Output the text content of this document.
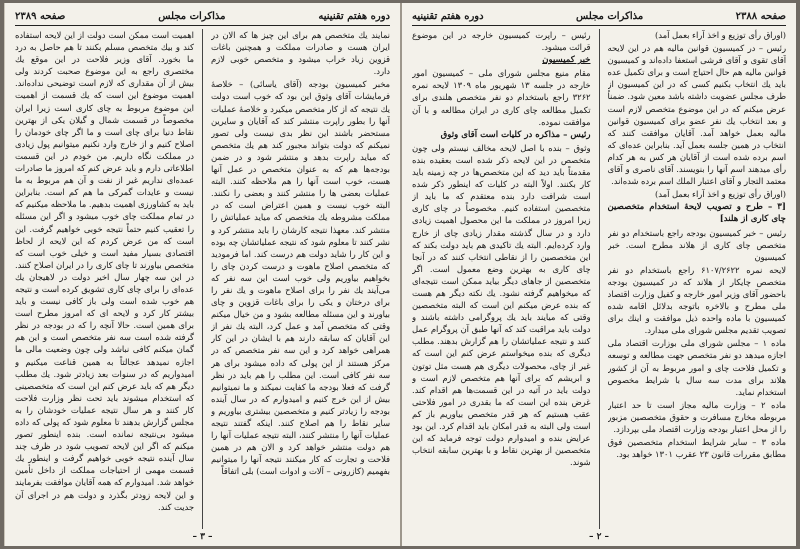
دوره هفتم تقنینیه
مذاکرات مجلس
صفحه ۲۳۸۹

نمایند یك متخصص هم برای این چیز ها که الان در ایران هست و صادرات مملکت و همچنین باغات قزوین زیاد خراب میشود و متخصص خوبی لازم دارد.

مخبر کمیسیون بودجه (آقای یاسائی) – خلاصهٔ فرمایشات آقای وثوق این بود که خوب است دولت یك نتیجه كه از کار متخصص میکیرد و خلاصهٔ عملیات آنها را بطور راپرت منتشر کند که آقایان و سایرین مستحضر باشند این نظر بدی نیست ولی تصور نمیکنم که دولت بتواند مجبور کند هم یك متخصص که میاید راپرت بدهد و منتشر شود و در ضمن بودجه‌ها هم که به عنوان متخصص در عمل آنها هست، خوب است آنها را هم ملاحظه کنند. البته عملیات بعضی ها را منتشر کنند و بعضی را نکنند. البته خوب نیست و همین اعتراض است که در مملکت مشروطه یك متخصص که میاید عملیاتش را منتشر کند. معهذا نتیجه کارشان را باید منتشر کرد و نشر کنند تا معلوم شود که نتیجه عملیاتشان چه بوده و این کار را شاید دولت هم درست کند. اما فرمودید که متخصص اصلاح ماهوت و درست کردن چای را بخواهیم بیاوریم ولی خوب است این سه نفر که می‌آیند یك نفر را برای اصلاح ماهوت و یك نفر را برای درختان و یکی را برای باغات قزوین و چای بیاورند و این مسئله مطالعه بشود و من خیال میکنم وقتی که متخصص آمد و عمل کرد، البته یك نفر از این آقایان که سابقه دارند هم با ایشان در این کار همراهی خواهد کرد و این سه نفر متخصص که در مرکز هستند از این پولی که داده میشود برای هر سه نفر کافی است. این مطلب را هم باید در نظر گرفت که فعلا بودجه ما کفایت نمیکند و ما نمیتوانیم بیش از این خرج کنیم و امیدوارم که در سال آینده بودجه را زیادتر کنیم و متخصصین بیشتری بیاوریم و سایر نقاط را هم اصلاح کنند. اینکه گفتند نتیجه عملیات آنها را منتشر کنند، البته نتیجه عملیات آنها را هم دولت منتشر خواهد کرد و الان هم در همین فلاحت و تجارت که کار میکنند نتیجه آنها را میتوانیم بفهمیم (کازرونی – آلات و ادوات است) بلی اتفاقاً

اهمیت است ممکن است دولت از این لایحه استفاده کند و بیك متخصص مسلم بکنند تا هم حاصل به درد ما بخورد. آقای وزیر فلاحت در این موقع یك مختصری راجع به این موضوع صحبت کردند ولی بیش از آن مقداری که لازم است توضیحی نداده‌اند. اهمیت موضوع این است که یك قسمت از اهمیت این موضوع مربوط به چای کاری است زیرا ایران مخصوصاً در قسمت شمال و گیلان یکی از بهترین نقاط دنیا برای چای است و ما اگر چای خودمان را اصلاح کنیم و از خارج وارد نکنیم میتوانیم پول زیادی در مملکت نگاه داریم. من خودم در این قسمت اطلاعاتی دارم و باید عرض کنم که امروز ما صادرات عمده‌ای نداریم غیر از نفت و آن هم مربوط به ما نیست و عایدات گمرکی ما هم کم است. بنابراین باید به کشاورزی اهمیت بدهیم. ما ملاحظه میکنیم که در تمام مملکت چای خوب میشود و اگر این مسئله را تعقیب کنیم حتماً نتیجه خوبی خواهیم گرفت. این است که من عرض کردم که این لایحه از لحاظ اقتصادی بسیار مفید است و خیلی خوب است که متخصص بیاورند تا چای کاری را در ایران اصلاح کنند. در این سه چهار سال اخیر دولت در لاهیجان یك عده‌ای را برای چای کاری تشویق کرده است و نتیجه هم خوب شده است ولی باز کافی نیست و باید بیشتر کار کرد و لایحه ای که امروز مطرح است برای همین است. حالا آنچه را که در بودجه در نظر گرفته شده است سه نفر متخصص است و این هم گمان میکنم کافی نباشد ولی چون وضعیت مالی ما اجازه نمیدهد عجالتاً به همین قناعت میکنیم و امیدواریم که در سنوات بعد زیادتر شود. یك مطلب دیگر هم که باید عرض کنم این است که متخصصینی که استخدام میشوند باید تحت نظر وزارت فلاحت کار کنند و هر سال نتیجه عملیات خودشان را به مجلس گزارش بدهند تا معلوم شود که پولی که داده میشود بی‌نتیجه نمانده است. بنده اینطور تصور میکنم که اگر این لایحه تصویب شود در ظرف چند سال آینده نتیجه خوبی خواهیم گرفت و اینطور یك قسمت مهمی از احتیاجات مملکت از داخل تأمین خواهد شد. امیدوارم که همه آقایان موافقت بفرمایند و این لایحه زودتر بگذرد و دولت هم در اجرای آن جدیت کند.

– ۳ –
صفحه ۲۳۸۸
مذاکرات مجلس
دوره هفتم تقنینیه

(اوراق رأی توزیع و اخذ آراء بعمل آمد)

رئیس – در کمیسیون قوانین مالیه هم در این لایحه آقای تقوی و آقای فرشی استعفا داده‌اند و کمیسیون قوانین مالیه هم حال احتیاج است و برای تکمیل عده باید یك انتخاب بکنیم کسی که در این کمیسیون از طرف مجلس عضویت داشته باشد معین شود. ضمناً عرض میکنم که در این موضوع متخصص لازم است و بعد انتخاب یك نفر عضو برای کمیسیون قوانین مالیه بعمل خواهد آمد. آقایان موافقت کنند که انتخاب در همین جلسه بعمل آید. بنابراین عده‌ای که اسم برده شده است از آقایان هر کس به هر کدام رأی میدهند اسم آنها را بنویسند. آقای ناصری و آقای معتمد التجار و آقای اعتبار الملك اسم برده شده‌اند.

(اوراق رأی توزیع و اخذ آراء بعمل آمد)

[۳ – طرح و تصویب لایحهٔ استخدام متخصصین چای کاری از هلند]

رئیس – خبر کمیسیون بودجه راجع باستخدام دو نفر متخصص چای کاری از هلاند مطرح است. خبر کمیسیون

لایحه نمره ۶۱۰۷/۲۶۲۲ راجع باستخدام دو نفر متخصص چایکار از هلاند که در کمیسیون بودجه باحضور آقای وزیر امور خارجه و کفیل وزارت اقتصاد ملی مطرح و بالاخره باتوجه بدلائل اقامه شده کمیسیون با ماده واحده ذیل موافقت و اینك برای تصویب تقدیم مجلس شورای ملی میدارد.

ماده ۱ – مجلس شورای ملی بوزارت اقتصاد ملی اجازه میدهد دو نفر متخصص جهت مطالعه و توسعه و تکمیل فلاحت چای و امور مربوط به آن از کشور هلاند برای مدت سه سال با شرایط مخصوص استخدام نماید.

ماده ۲ – وزارت مالیه مجاز است تا حد اعتبار مربوطه مخارج مسافرت و حقوق متخصصین مزبور را از محل اعتبار بودجه وزارت اقتصاد ملی بپردازد.

ماده ۳ – سایر شرایط استخدام متخصصین فوق مطابق مقررات قانون ۲۳ عقرب ۱۳۰۱ خواهد بود.

رئیس – راپرت کمیسیون خارجه در این موضوع قرائت میشود.

خبر کمیسیون

مقام منیع مجلس شورای ملی – کمیسیون امور خارجه در جلسه ۱۳ شهریور ماه ۱۳۰۹ لایحه نمره ۳۲۶۲ راجع باستخدام دو نفر متخصص هلندی برای تکمیل مطالعه چای کاری در ایران مطالعه و با آن موافقت نموده.

رئیس – مذاکره در کلیات است آقای وثوق

وثوق – بنده با اصل لایحه مخالف نیستم ولی چون متخصص در این لایحه ذکر شده است بعقیده بنده مقدمتاً باید دید که این متخصص‌ها در چه زمینه باید کار بکنند. اولاً البته در کلیات که اینطور ذکر شده است شرافت دارد بنده معتقدم که ما باید از متخصصین استفاده کنیم. مخصوصاً در چای کاری زیرا امروز در مملکت ما این محصول اهمیت زیادی دارد و در سال گذشته مقدار زیادی چای از خارج وارد کرده‌ایم. البته یك تاکیدی هم باید دولت بکند که این متخصصین را از نقاطی انتخاب کنند که در آنجا چای کاری به بهترین وضع معمول است. اگر متخصصین از جاهای دیگر بیاید ممکن است نتیجه‌ای که میخواهیم گرفته نشود. یك نکته دیگر هم هست که بنده عرض میکنم این است که البته متخصصین وقتی که میایند باید یك پروگرامی داشته باشند و دولت باید مراقبت کند که آنها طبق آن پروگرام عمل کنند و نتیجه عملیاتشان را هم گزارش بدهند. مطلب دیگری که بنده میخواستم عرض کنم این است که غیر از چای، محصولات دیگری هم هست مثل توتون و ابریشم که برای آنها هم متخصص لازم است و دولت باید در آتیه در این قسمت‌ها هم اقدام کند. غرض بنده این است که ما بقدری در امور فلاحتی عقب هستیم که هر قدر متخصص بیاوریم باز کم است ولی البته به قدر امکان باید اقدام کرد. این بود عرایض بنده و امیدوارم دولت توجه فرماید که این متخصصین از بهترین نقاط و با بهترین سابقه انتخاب شوند.

– ۲ –
